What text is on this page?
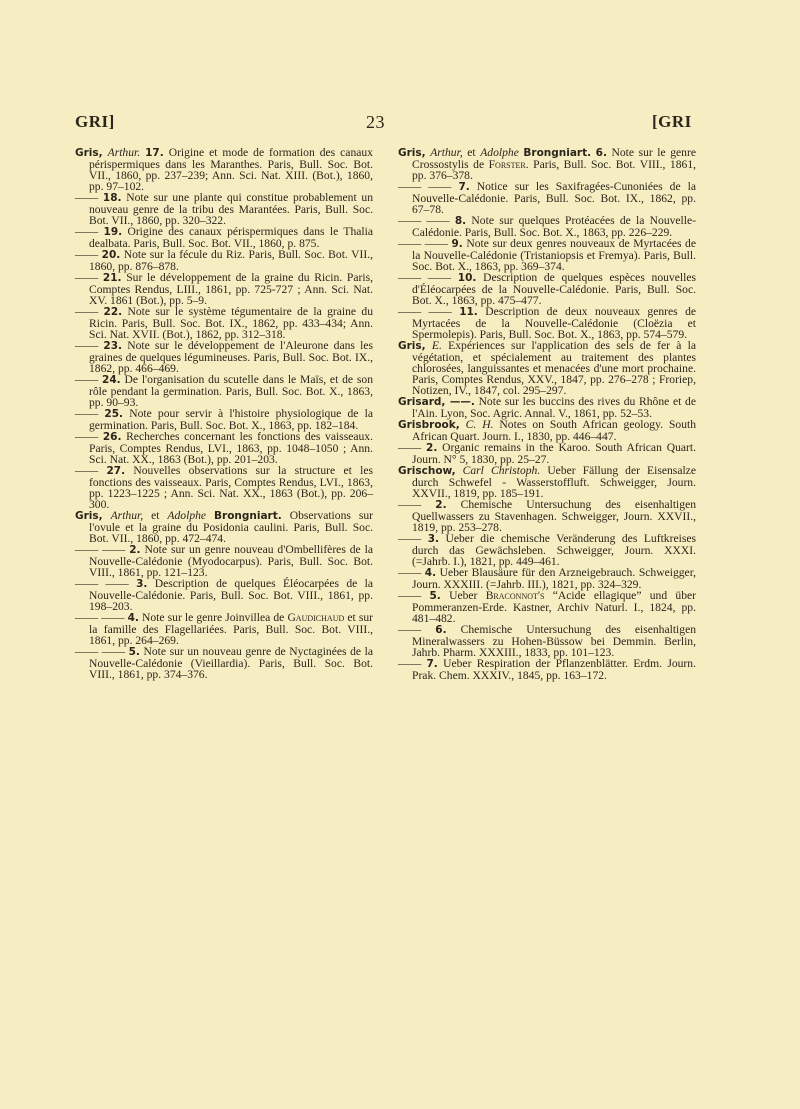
GRI]	23	[GRI

Gris, Arthur. 17. Origine et mode de formation des canaux périspermiques dans les Maranthes. Paris, Bull. Soc. Bot. VII., 1860, pp. 237–239; Ann. Sci. Nat. XIII. (Bot.), 1860, pp. 97–102.

—— 18. Note sur une plante qui constitue probablement un nouveau genre de la tribu des Marantées. Paris, Bull. Soc. Bot. VII., 1860, pp. 320–322.

—— 19. Origine des canaux périspermiques dans le Thalia dealbata. Paris, Bull. Soc. Bot. VII., 1860, p. 875.

—— 20. Note sur la fécule du Riz. Paris, Bull. Soc. Bot. VII., 1860, pp. 876–878.

—— 21. Sur le développement de la graine du Ricin. Paris, Comptes Rendus, LIII., 1861, pp. 725-727 ; Ann. Sci. Nat. XV. 1861 (Bot.), pp. 5–9.

—— 22. Note sur le système tégumentaire de la graine du Ricin. Paris, Bull. Soc. Bot. IX., 1862, pp. 433–434; Ann. Sci. Nat. XVII. (Bot.), 1862, pp. 312–318.

—— 23. Note sur le développement de l'Aleurone dans les graines de quelques légumineuses. Paris, Bull. Soc. Bot. IX., 1862, pp. 466–469.

—— 24. De l'organisation du scutelle dans le Maïs, et de son rôle pendant la germination. Paris, Bull. Soc. Bot. X., 1863, pp. 90–93.

—— 25. Note pour servir à l'histoire physiologique de la germination. Paris, Bull. Soc. Bot. X., 1863, pp. 182–184.

—— 26. Recherches concernant les fonctions des vaisseaux. Paris, Comptes Rendus, LVI., 1863, pp. 1048–1050 ; Ann. Sci. Nat. XX., 1863 (Bot.), pp. 201–203.

—— 27. Nouvelles observations sur la structure et les fonctions des vaisseaux. Paris, Comptes Rendus, LVI., 1863, pp. 1223–1225 ; Ann. Sci. Nat. XX., 1863 (Bot.), pp. 206–300.

Gris, Arthur, et Adolphe Brongniart. Observations sur l'ovule et la graine du Posidonia caulini. Paris, Bull. Soc. Bot. VII., 1860, pp. 472–474.

—— —— 2. Note sur un genre nouveau d'Ombellifères de la Nouvelle-Calédonie (Myodocarpus). Paris, Bull. Soc. Bot. VIII., 1861, pp. 121–123.

—— —— 3. Description de quelques Éléocarpées de la Nouvelle-Calédonie. Paris, Bull. Soc. Bot. VIII., 1861, pp. 198–203.

—— —— 4. Note sur le genre Joinvillea de Gaudichaud et sur la famille des Flagellariées. Paris, Bull. Soc. Bot. VIII., 1861, pp. 264–269.

—— —— 5. Note sur un nouveau genre de Nyctaginées de la Nouvelle-Calédonie (Vieillardia). Paris, Bull. Soc. Bot. VIII., 1861, pp. 374–376.

Gris, Arthur, et Adolphe Brongniart. 6. Note sur le genre Crossostylis de Forster. Paris, Bull. Soc. Bot. VIII., 1861, pp. 376–378.

—— —— 7. Notice sur les Saxifragées-Cunoniées de la Nouvelle-Calédonie. Paris, Bull. Soc. Bot. IX., 1862, pp. 67–78.

—— —— 8. Note sur quelques Protéacées de la Nouvelle-Calédonie. Paris, Bull. Soc. Bot. X., 1863, pp. 226–229.

—— —— 9. Note sur deux genres nouveaux de Myrtacées de la Nouvelle-Calédonie (Tristaniopsis et Fremya). Paris, Bull. Soc. Bot. X., 1863, pp. 369–374.

—— —— 10. Description de quelques espèces nouvelles d'Éléocarpées de la Nouvelle-Calédonie. Paris, Bull. Soc. Bot. X., 1863, pp. 475–477.

—— —— 11. Description de deux nouveaux genres de Myrtacées de la Nouvelle-Calédonie (Cloëzia et Spermolepis). Paris, Bull. Soc. Bot. X., 1863, pp. 574–579.

Gris, E. Expériences sur l'application des sels de fer à la végétation, et spécialement au traitement des plantes chlorosées, languissantes et menacées d'une mort prochaine. Paris, Comptes Rendus, XXV., 1847, pp. 276–278 ; Froriep, Notizen, IV., 1847, col. 295–297.

Grisard, ——. Note sur les buccins des rives du Rhône et de l'Ain. Lyon, Soc. Agric. Annal. V., 1861, pp. 52–53.

Grisbrook, C. H. Notes on South African geology. South African Quart. Journ. I., 1830, pp. 446–447.

—— 2. Organic remains in the Karoo. South African Quart. Journ. N° 5, 1830, pp. 25–27.

Grischow, Carl Christoph. Ueber Fällung der Eisensalze durch Schwefel - Wasserstoffluft. Schweigger, Journ. XXVII., 1819, pp. 185–191.

—— 2. Chemische Untersuchung des eisenhaltigen Quellwassers zu Stavenhagen. Schweigger, Journ. XXVII., 1819, pp. 253–278.

—— 3. Ueber die chemische Veränderung des Luftkreises durch das Gewächsleben. Schweigger, Journ. XXXI. (=Jahrb. I.), 1821, pp. 449–461.

—— 4. Ueber Blausäure für den Arzneigebrauch. Schweigger, Journ. XXXIII. (=Jahrb. III.), 1821, pp. 324–329.

—— 5. Ueber Braconnot's “Acide ellagique” und über Pommeranzen-Erde. Kastner, Archiv Naturl. I., 1824, pp. 481–482.

—— 6. Chemische Untersuchung des eisenhaltigen Mineralwassers zu Hohen-Büssow bei Demmin. Berlin, Jahrb. Pharm. XXXIII., 1833, pp. 101–123.

—— 7. Ueber Respiration der Pflanzenblätter. Erdm. Journ. Prak. Chem. XXXIV., 1845, pp. 163–172.
